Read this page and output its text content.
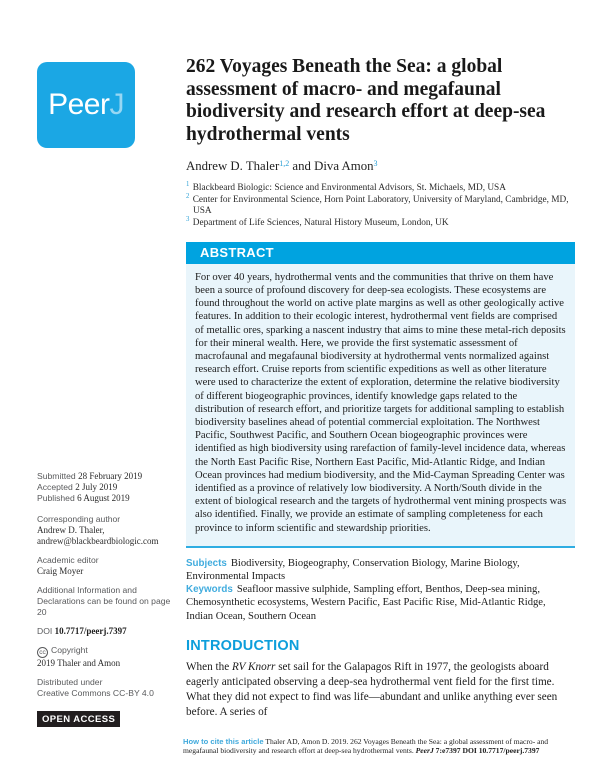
PeerJ
Submitted 28 February 2019
Accepted 2 July 2019
Published 6 August 2019
Corresponding author
Andrew D. Thaler,
andrew@blackbeardbiologic.com
Academic editor
Craig Moyer
Additional Information and Declarations can be found on page 20
DOI 10.7717/peerj.7397
cc Copyright
2019 Thaler and Amon
Distributed under
Creative Commons CC-BY 4.0
OPEN ACCESS
262 Voyages Beneath the Sea: a global assessment of macro- and megafaunal biodiversity and research effort at deep-sea hydrothermal vents

Andrew D. Thaler$^{1,2}$ and Diva Amon$^3$

$^1$ Blackbeard Biologic: Science and Environmental Advisors, St. Michaels, MD, USA
$^2$ Center for Environmental Science, Horn Point Laboratory, University of Maryland, Cambridge, MD, USA
$^3$ Department of Life Sciences, Natural History Museum, London, UK
ABSTRACT

For over 40 years, hydrothermal vents and the communities that thrive on them have been a source of profound discovery for deep-sea ecologists. These ecosystems are found throughout the world on active plate margins as well as other geologically active features. In addition to their ecologic interest, hydrothermal vent fields are comprised of metallic ores, sparking a nascent industry that aims to mine these metal-rich deposits for their mineral wealth. Here, we provide the first systematic assessment of macrofaunal and megafaunal biodiversity at hydrothermal vents normalized against research effort. Cruise reports from scientific expeditions as well as other literature were used to characterize the extent of exploration, determine the relative biodiversity of different biogeographic provinces, identify knowledge gaps related to the distribution of research effort, and prioritize targets for additional sampling to establish biodiversity baselines ahead of potential commercial exploitation. The Northwest Pacific, Southwest Pacific, and Southern Ocean biogeographic provinces were identified as high biodiversity using rarefaction of family-level incidence data, whereas the North East Pacific Rise, Northern East Pacific, Mid-Atlantic Ridge, and Indian Ocean provinces had medium biodiversity, and the Mid-Cayman Spreading Center was identified as a province of relatively low biodiversity. A North/South divide in the extent of biological research and the targets of hydrothermal vent mining prospects was also identified. Finally, we provide an estimate of sampling completeness for each province to inform scientific and stewardship priorities.

Subjects Biodiversity, Biogeography, Conservation Biology, Marine Biology, Environmental Impacts
Keywords Seafloor massive sulphide, Sampling effort, Benthos, Deep-sea mining, Chemosynthetic ecosystems, Western Pacific, East Pacific Rise, Mid-Atlantic Ridge, Indian Ocean, Southern Ocean
INTRODUCTION

When the RV Knorr set sail for the Galapagos Rift in 1977, the geologists aboard eagerly anticipated observing a deep-sea hydrothermal vent field for the first time. What they did not expect to find was life—abundant and unlike anything ever seen before. A series of

How to cite this article Thaler AD, Amon D. 2019. 262 Voyages Beneath the Sea: a global assessment of macro- and megafaunal biodiversity and research effort at deep-sea hydrothermal vents. PeerJ 7:e7397 DOI 10.7717/peerj.7397
